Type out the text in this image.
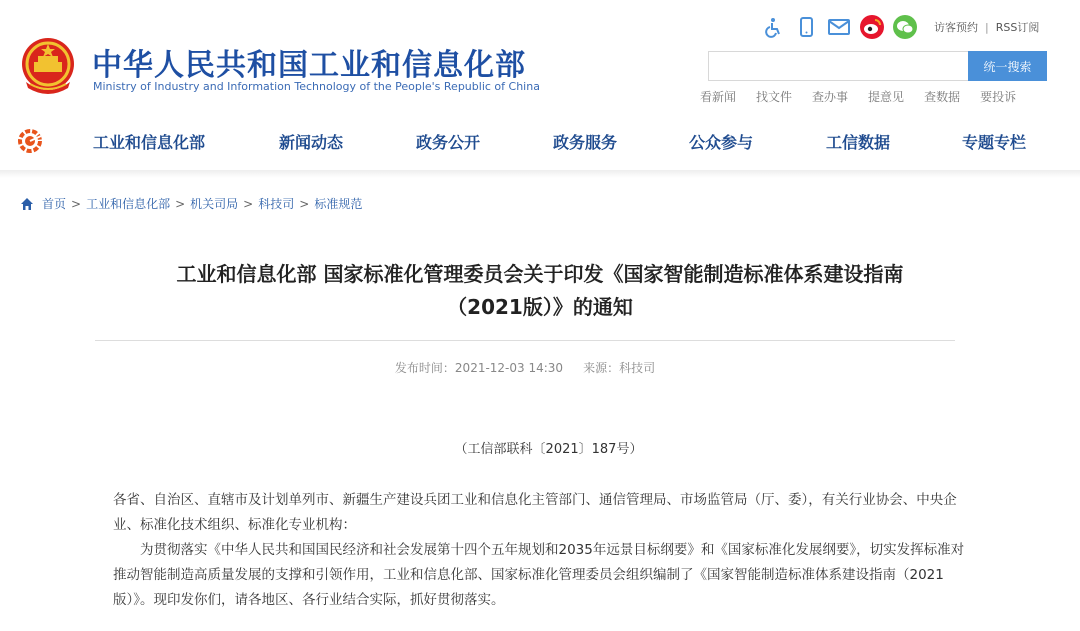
中华人民共和国工业和信息化部
Ministry of Industry and Information Technology of the People's Republic of China
访客预约 | RSS订阅
统一搜索
看新闻 找文件 查办事 提意见 查数据 要投诉
工业和信息化部	新闻动态	政务公开	政务服务	公众参与	工信数据	专题专栏
首页 > 工业和信息化部 > 机关司局 > 科技司 > 标准规范
工业和信息化部 国家标准化管理委员会关于印发《国家智能制造标准体系建设指南
（2021版）》的通知
发布时间：2021-12-03 14:30 来源：科技司
（工信部联科〔2021〕187号）

各省、自治区、直辖市及计划单列市、新疆生产建设兵团工业和信息化主管部门、通信管理局、市场监管局（厅、委），有关行业协会、中央企业、标准化技术组织、标准化专业机构：

为贯彻落实《中华人民共和国国民经济和社会发展第十四个五年规划和2035年远景目标纲要》和《国家标准化发展纲要》，切实发挥标准对推动智能制造高质量发展的支撑和引领作用，工业和信息化部、国家标准化管理委员会组织编制了《国家智能制造标准体系建设指南（2021版）》。现印发你们，请各地区、各行业结合实际，抓好贯彻落实。
